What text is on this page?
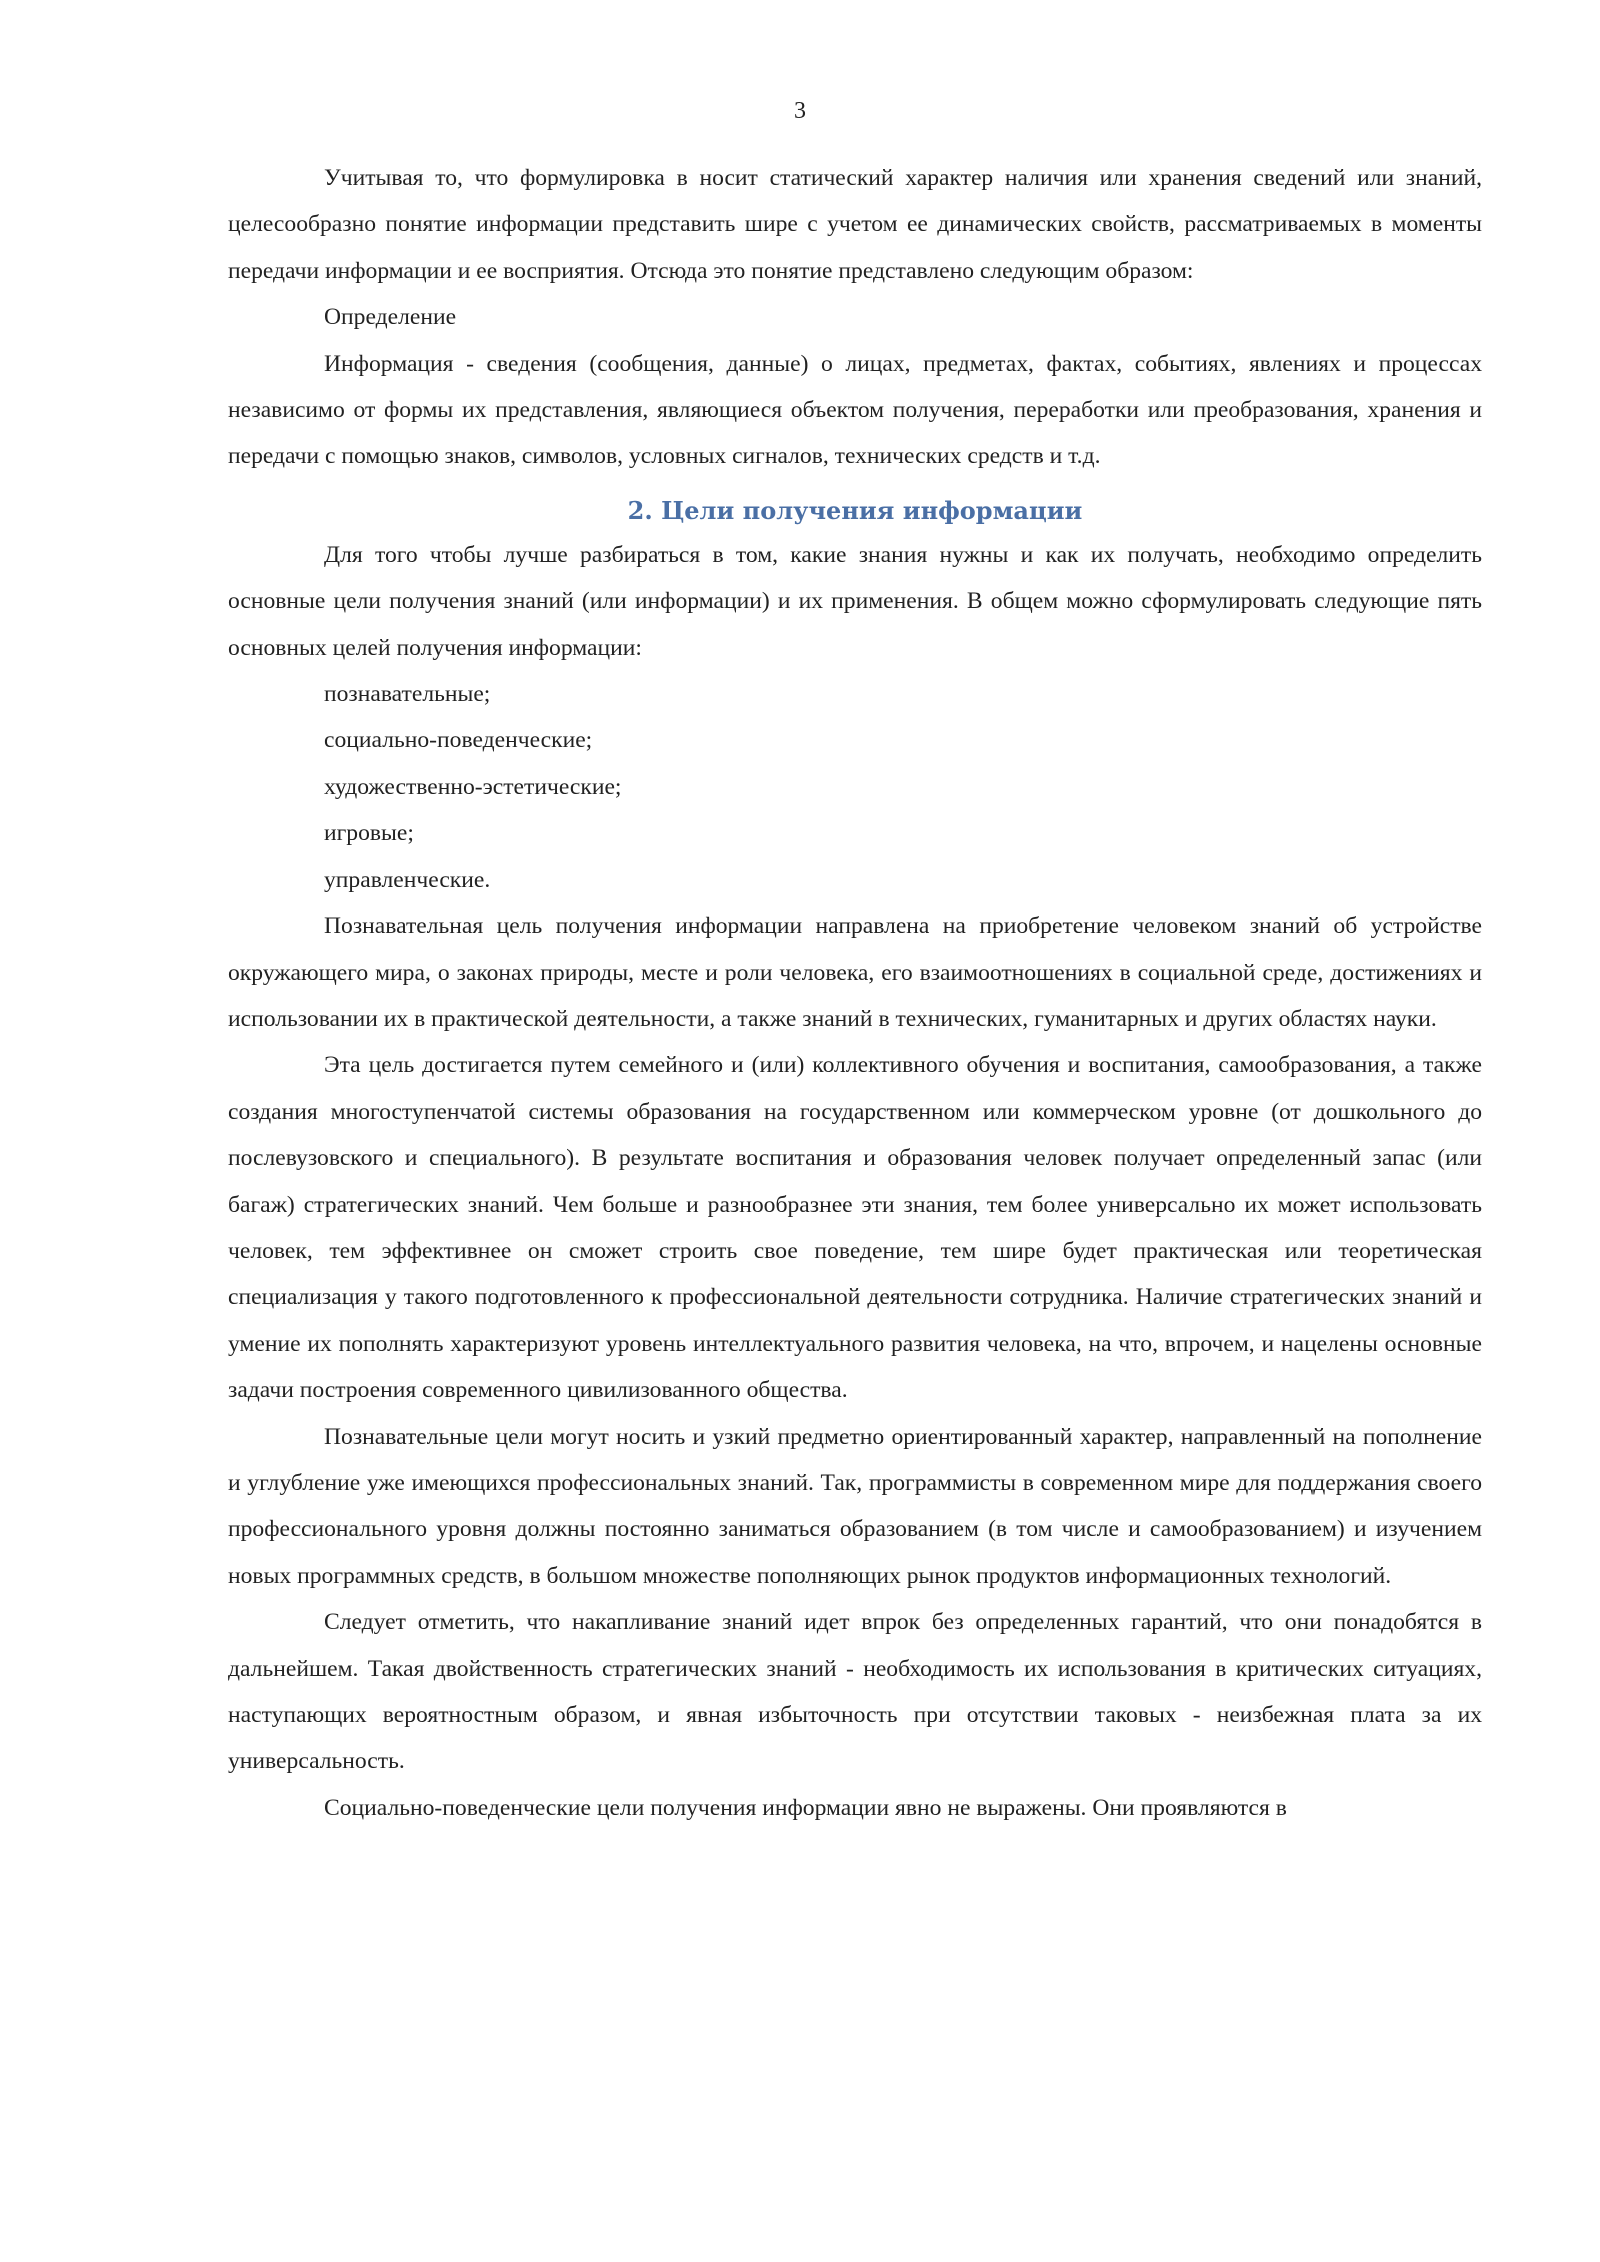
3

Учитывая то, что формулировка в носит статический характер наличия или хранения сведений или знаний, целесообразно понятие информации представить шире с учетом ее динамических свойств, рассматриваемых в моменты передачи информации и ее восприятия. Отсюда это понятие представлено следующим образом:

Определение

Информация - сведения (сообщения, данные) о лицах, предметах, фактах, событиях, явлениях и процессах независимо от формы их представления, являющиеся объектом получения, переработки или преобразования, хранения и передачи с помощью знаков, символов, условных сигналов, технических средств и т.д.

2. Цели получения информации

Для того чтобы лучше разбираться в том, какие знания нужны и как их получать, необходимо определить основные цели получения знаний (или информации) и их применения. В общем можно сформулировать следующие пять основных целей получения информации:

познавательные;

социально-поведенческие;

художественно-эстетические;

игровые;

управленческие.

Познавательная цель получения информации направлена на приобретение человеком знаний об устройстве окружающего мира, о законах природы, месте и роли человека, его взаимоотношениях в социальной среде, достижениях и использовании их в практической деятельности, а также знаний в технических, гуманитарных и других областях науки.

Эта цель достигается путем семейного и (или) коллективного обучения и воспитания, самообразования, а также создания многоступенчатой системы образования на государственном или коммерческом уровне (от дошкольного до послевузовского и специального). В результате воспитания и образования человек получает определенный запас (или багаж) стратегических знаний. Чем больше и разнообразнее эти знания, тем более универсально их может использовать человек, тем эффективнее он сможет строить свое поведение, тем шире будет практическая или теоретическая специализация у такого подготовленного к профессиональной деятельности сотрудника. Наличие стратегических знаний и умение их пополнять характеризуют уровень интеллектуального развития человека, на что, впрочем, и нацелены основные задачи построения современного цивилизованного общества.

Познавательные цели могут носить и узкий предметно ориентированный характер, направленный на пополнение и углубление уже имеющихся профессиональных знаний. Так, программисты в современном мире для поддержания своего профессионального уровня должны постоянно заниматься образованием (в том числе и самообразованием) и изучением новых программных средств, в большом множестве пополняющих рынок продуктов информационных технологий.

Следует отметить, что накапливание знаний идет впрок без определенных гарантий, что они понадобятся в дальнейшем. Такая двойственность стратегических знаний - необходимость их использования в критических ситуациях, наступающих вероятностным образом, и явная избыточность при отсутствии таковых - неизбежная плата за их универсальность.

Социально-поведенческие цели получения информации явно не выражены. Они проявляются в
